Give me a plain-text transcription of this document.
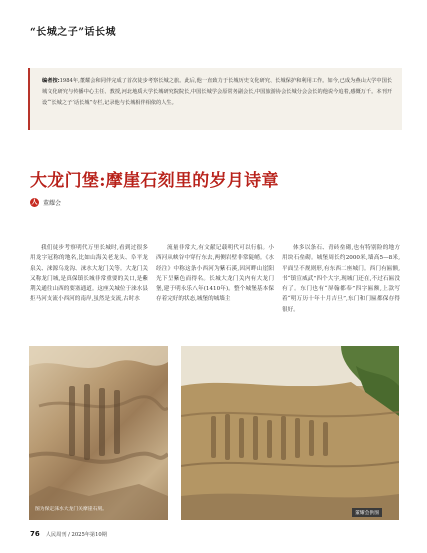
“长城之子”话长城
编者按:1984年,董耀会和同伴完成了首次徒步考察长城之旅。此后,他一直致力于长城历史文化研究、长城保护和利用工作。如今,已成为燕山大学中国长城文化研究与传播中心主任、教授,河北地质大学长城研究院院长,中国长城学会原常务副会长,中国旅游协会长城分会会长的他说今追着,感慨万千。本刊开设“‘长城之子’话长城”专栏,记录他与长城相伴相依的人生。
大龙门堡:摩崖石刻里的岁月诗章
人 董耀会

我们徒步考察明代万里长城时,看到过很多用龙字冠称的地名,比如山海关老龙头、阜平龙泉关、涞源乌龙沟、涞水大龙门关等。大龙门关又称龙门城,是真保镇长城非常重要的关口,是紫荆关通往山西的要塞通道。这座关城位于涞水县拒马河支流小西河的南岸,虽然是支流,古时水

流量非常大,有文献记载明代可以行船。小西河从峡谷中穿行东去,两侧岩壁非常陡峭。《水经注》中称这条小西河为紫石溪,因河畔山崖阳光下呈紫色而得名。长城大龙门关内有大龙门堡,建于明永乐八年(1410年)。整个城堡基本保存着完好的状态,城堡的城墙主

体多以条石、青砖垒砌,也有特别险的地方用块石垒砌。城堡周长约2000米,墙高5—8米,平面呈不规则形,有东西二座城门。西门有匾额,书“镇宣威武”四个大字,现城门还在,不过石匾没有了。东门也有“屏翰都奉”四字匾额,上款写着“明万历十年十月吉旦”,东门和门匾都保存得很好。

图为保定涞水大龙门关摩崖石刻。
董耀会供图
76 人民周刊 / 2025年第10期
